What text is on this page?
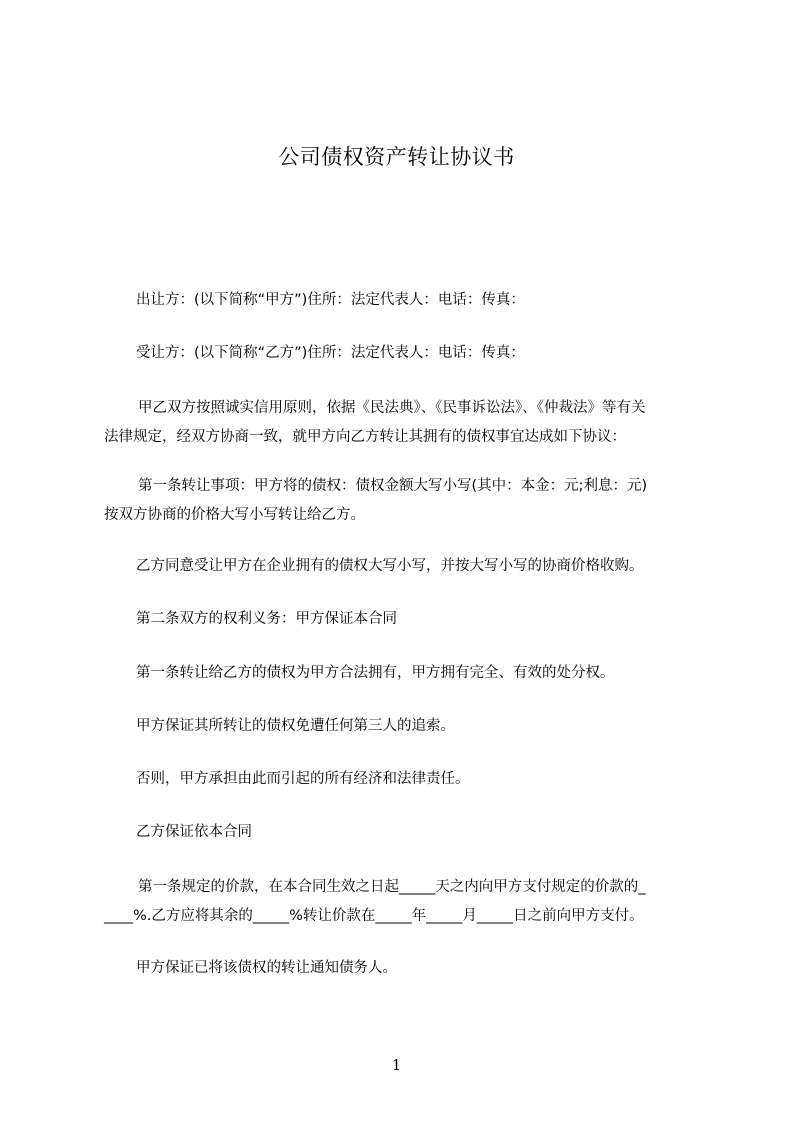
公司债权资产转让协议书

出让方：(以下简称“甲方”)住所：法定代表人：电话：传真：

受让方：(以下简称“乙方”)住所：法定代表人：电话：传真：

甲乙双方按照诚实信用原则，依据《民法典》、《民事诉讼法》、《仲裁法》等有关
法律规定，经双方协商一致，就甲方向乙方转让其拥有的债权事宜达成如下协议：

第一条转让事项：甲方将的债权：债权金额大写小写(其中：本金：元;利息：元)
按双方协商的价格大写小写转让给乙方。

乙方同意受让甲方在企业拥有的债权大写小写，并按大写小写的协商价格收购。

第二条双方的权利义务：甲方保证本合同

第一条转让给乙方的债权为甲方合法拥有，甲方拥有完全、有效的处分权。

甲方保证其所转让的债权免遭任何第三人的追索。

否则，甲方承担由此而引起的所有经济和法律责任。

乙方保证依本合同

第一条规定的价款，在本合同生效之日起_____天之内向甲方支付规定的价款的_
____%.乙方应将其余的_____%转让价款在_____年_____月_____日之前向甲方支付。

甲方保证已将该债权的转让通知债务人。

1
